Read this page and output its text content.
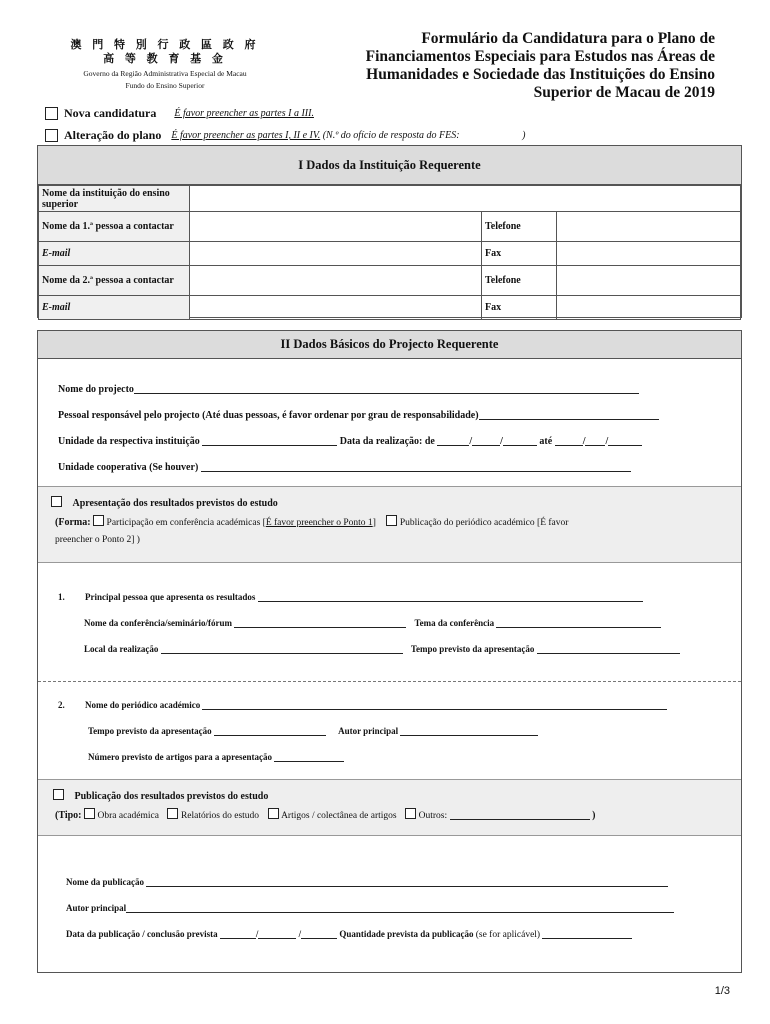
澳 門 特 別 行 政 區 政 府
高 等 教 育 基 金
Governo da Região Administrativa Especial de Macau
Fundo do Ensino Superior
Formulário da Candidatura para o Plano de
Financiamentos Especiais para Estudos nas Áreas de
Humanidades e Sociedade das Instituições do Ensino
Superior de Macau de 2019
Nova candidatura É favor preencher as partes I a III.
Alteração do plano É favor preencher as partes I, II e IV. (N.º do ofício de resposta do FES:	)
I Dados da Instituição Requerente
Nome da instituição do ensino superior			
Nome da 1.ª pessoa a contactar		Telefone	
E-mail		Fax	
Nome da 2.ª pessoa a contactar		Telefone	
E-mail		Fax	
II Dados Básicos do Projecto Requerente
Nome do projecto
Pessoal responsável pelo projecto (Até duas pessoas, é favor ordenar por grau de responsabilidade)
Unidade da respectiva instituição	Data da realização: de	/	/	até	/ /
Unidade cooperativa (Se houver)
Apresentação dos resultados previstos do estudo
(Forma: Participação em conferência académicas [É favor preencher o Ponto 1]	Publicação do periódico académico [É favor
preencher o Ponto 2] )
1. Principal pessoa que apresenta os resultados
Nome da conferência/seminário/fórum	Tema da conferência
Local da realização	Tempo previsto da apresentação
2. Nome do periódico académico
Tempo previsto da apresentação	Autor principal
Número previsto de artigos para a apresentação
Publicação dos resultados previstos do estudo
(Tipo: Obra académica Relatórios do estudo Artigos / colectânea de artigos Outros:	)
Nome da publicação
Autor principal
Data da publicação / conclusão prevista	/	/	Quantidade prevista da publicação (se for aplicável)
1/3
